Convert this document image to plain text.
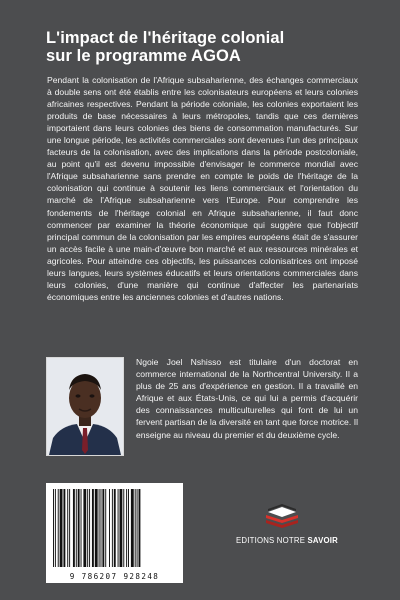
L'impact de l'héritage colonial
sur le programme AGOA
Pendant la colonisation de l'Afrique subsaharienne, des échanges commerciaux à double sens ont été établis entre les colonisateurs européens et leurs colonies africaines respectives. Pendant la période coloniale, les colonies exportaient les produits de base nécessaires à leurs métropoles, tandis que ces dernières importaient dans leurs colonies des biens de consommation manufacturés. Sur une longue période, les activités commerciales sont devenues l'un des principaux facteurs de la colonisation, avec des implications dans la période postcoloniale, au point qu'il est devenu impossible d'envisager le commerce mondial avec l'Afrique subsaharienne sans prendre en compte le poids de l'héritage de la colonisation qui continue à soutenir les liens commerciaux et l'orientation du marché de l'Afrique subsaharienne vers l'Europe. Pour comprendre les fondements de l'héritage colonial en Afrique subsaharienne, il faut donc commencer par examiner la théorie économique qui suggère que l'objectif principal commun de la colonisation par les empires européens était de s'assurer un accès facile à une main-d'œuvre bon marché et aux ressources minérales et agricoles. Pour atteindre ces objectifs, les puissances colonisatrices ont imposé leurs langues, leurs systèmes éducatifs et leurs orientations commerciales dans leurs colonies, d'une manière qui continue d'affecter les partenariats économiques entre les anciennes colonies et d'autres nations.
Ngoie Joel Nshisso est titulaire d'un doctorat en commerce international de la Northcentral University. Il a plus de 25 ans d'expérience en gestion. Il a travaillé en Afrique et aux États-Unis, ce qui lui a permis d'acquérir des connaissances multiculturelles qui font de lui un fervent partisan de la diversité en tant que force motrice. Il enseigne au niveau du premier et du deuxième cycle.
9 786207 928248
EDITIONS NOTRE SAVOIR
